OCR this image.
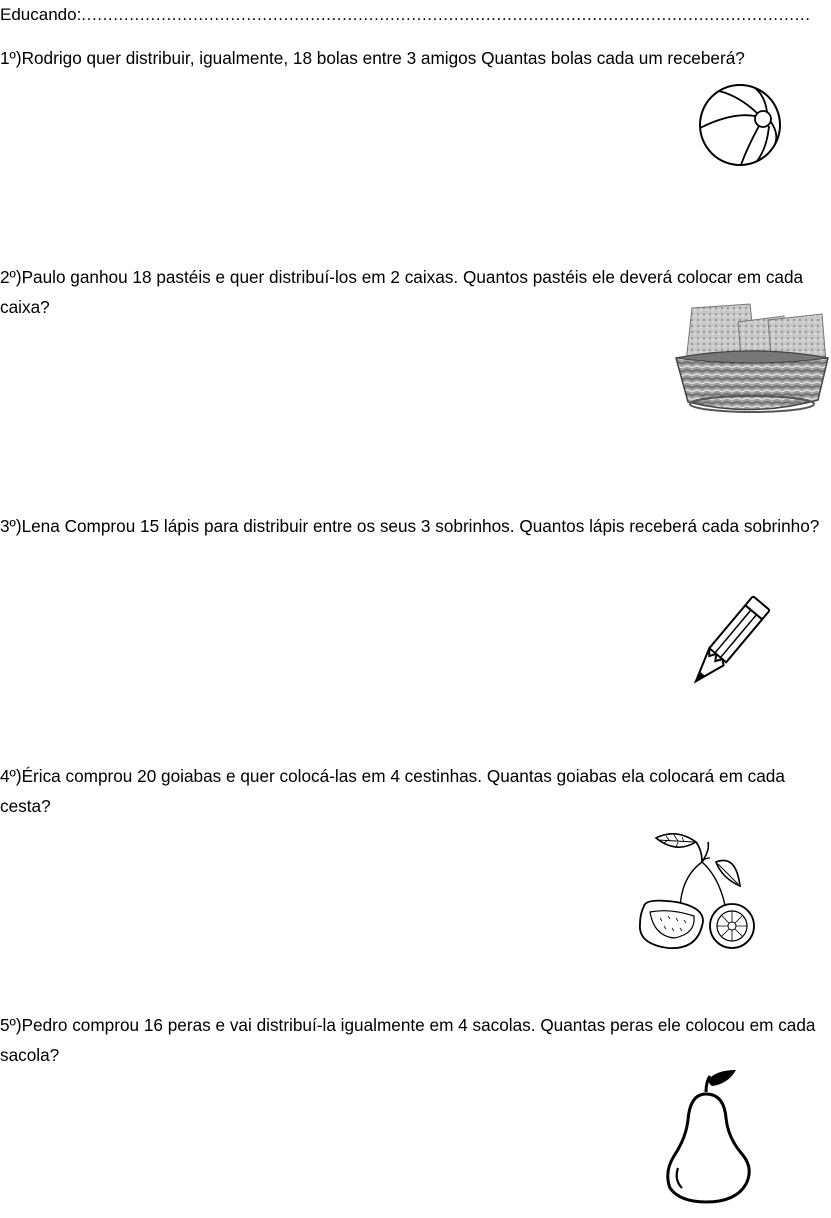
Educando:.........................................................................................................................................
1º)Rodrigo quer distribuir, igualmente, 18 bolas entre 3 amigos Quantas bolas cada um receberá?
2º)Paulo ganhou 18 pastéis e quer distribuí-los em 2 caixas. Quantos pastéis ele deverá colocar em cada caixa?
3º)Lena Comprou 15 lápis para distribuir entre os seus 3 sobrinhos. Quantos lápis receberá cada sobrinho?
4º)Érica comprou 20 goiabas e quer colocá-las em 4 cestinhas. Quantas goiabas ela colocará em cada cesta?
5º)Pedro comprou 16 peras e vai distribuí-la igualmente em 4 sacolas. Quantas peras ele colocou em cada sacola?
